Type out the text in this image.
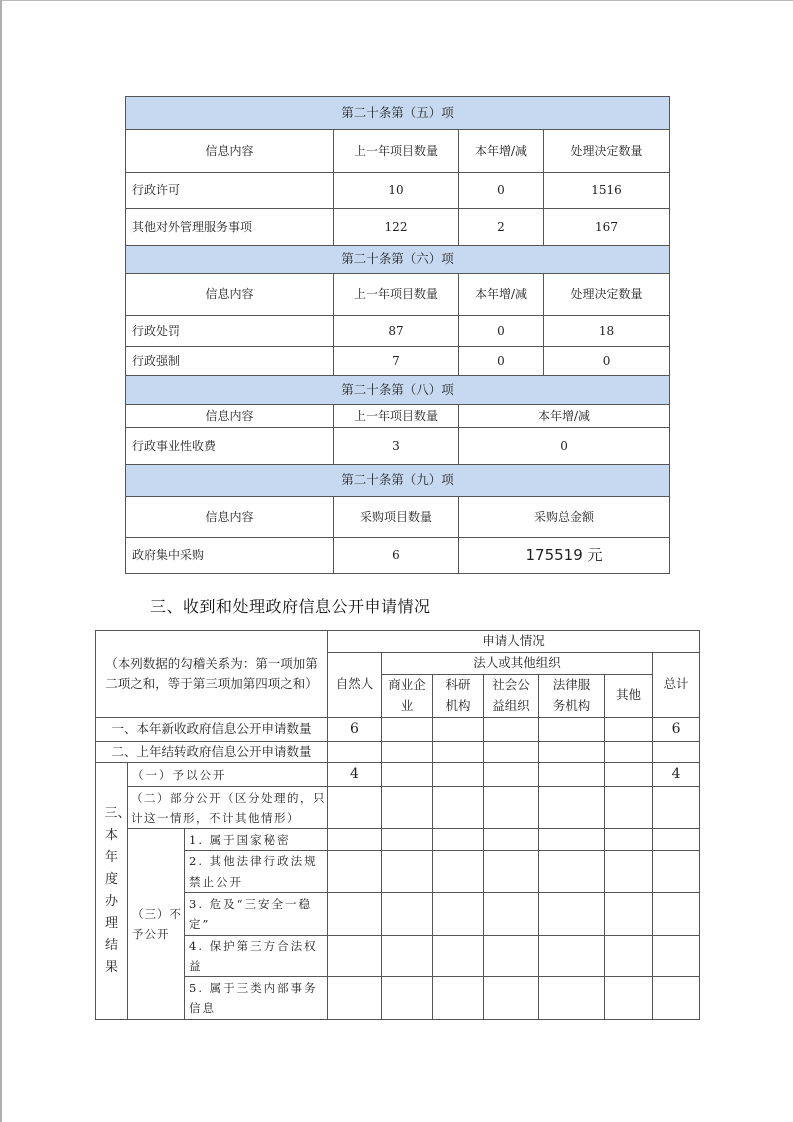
第二十条第（五）项			
信息内容	上一年项目数量	本年增/减	处理决定数量
行政许可	10	0	1516
其他对外管理服务事项	122	2	167
第二十条第（六）项			
信息内容	上一年项目数量	本年增/减	处理决定数量
行政处罚	87	0	18
行政强制	7	0	0
第二十条第（八）项			
信息内容	上一年项目数量	本年增/减	
行政事业性收费	3	0	
第二十条第（九）项			
信息内容	采购项目数量	采购总金额	
政府集中采购	6	175519 元	
三、收到和处理政府信息公开申请情况
（本列数据的勾稽关系为：第一项加第二项之和，等于第三项加第四项之和）			申请人情况						
			自然人	法人或其他组织					总计
				商业企业	科研机构	社会公益组织	法律服务机构	其他	
一、本年新收政府信息公开申请数量			6						6
二、上年结转政府信息公开申请数量									
三、本年度办理结果	（一）予以公开		4						4
	（二）部分公开（区分处理的，只计这一情形，不计其他情形）								
	（三）不予公开	1. 属于国家秘密							
		2. 其他法律行政法规禁止公开							
		3. 危及“三安全一稳定”							
		4. 保护第三方合法权益							
		5. 属于三类内部事务信息							
